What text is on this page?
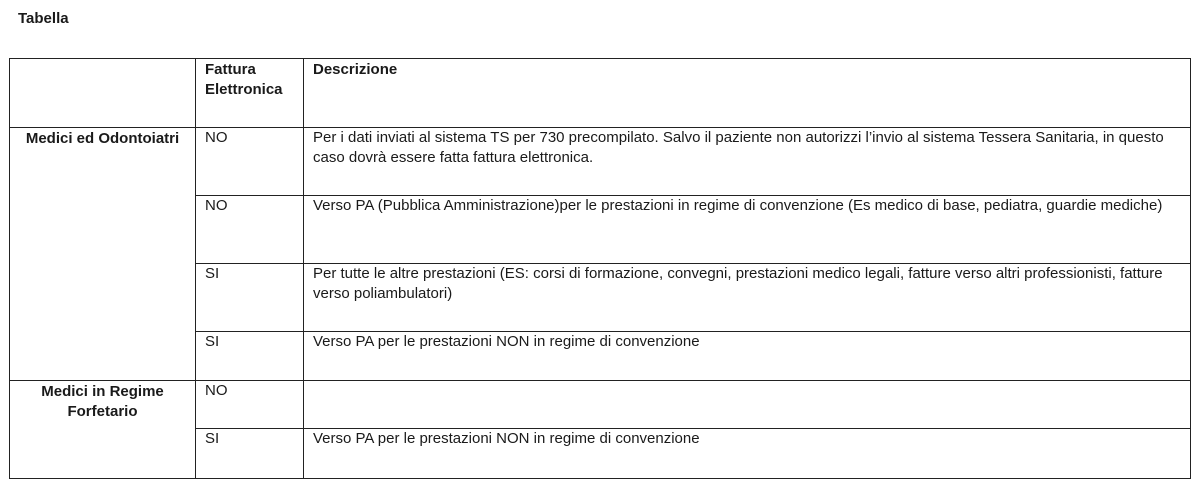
Tabella

	Fattura Elettronica	Descrizione

Medici ed Odontoiatri	NO	Per i dati inviati al sistema TS per 730 precompilato. Salvo il paziente non autorizzi l’invio al sistema Tessera Sanitaria, in questo caso dovrà essere fatta fattura elettronica.

	NO	Verso PA (Pubblica Amministrazione)per le prestazioni in regime di convenzione (Es medico di base, pediatra, guardie mediche)

	SI	Per tutte le altre prestazioni (ES: corsi di formazione, convegni, prestazioni medico legali, fatture verso altri professionisti, fatture verso poliambulatori)

	SI	Verso PA per le prestazioni NON in regime di convenzione

Medici in Regime Forfetario	NO	

	SI	Verso PA per le prestazioni NON in regime di convenzione
